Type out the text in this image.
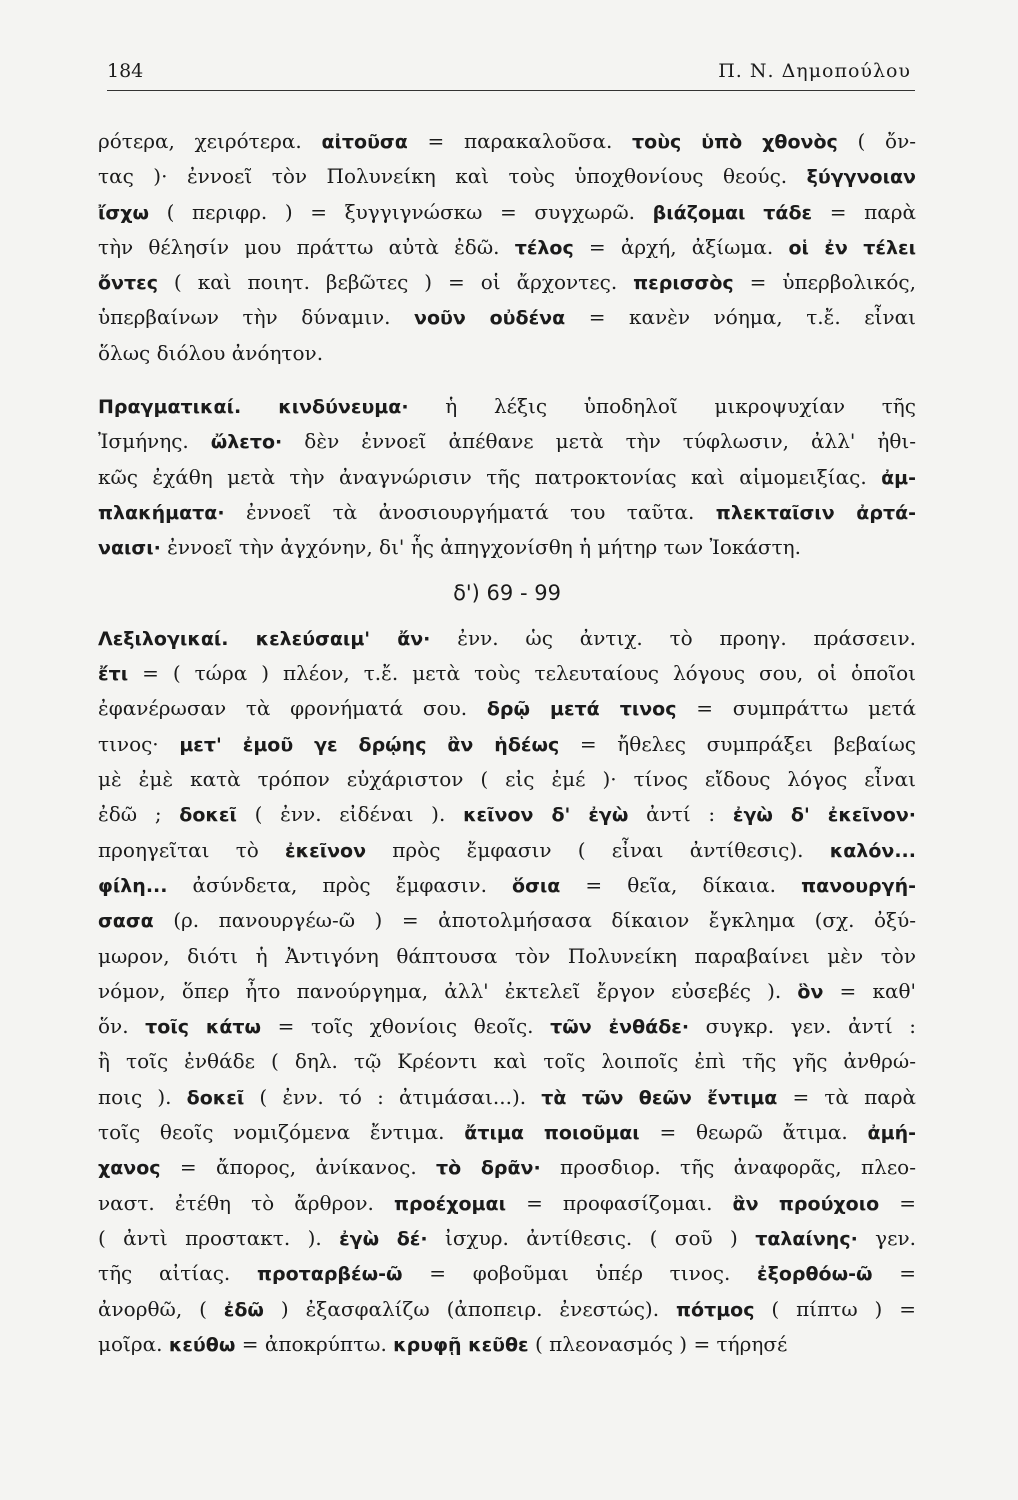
184	Π. Ν. Δημοπούλου
ρότερα, χειρότερα. αἰτοῦσα = παρακαλοῦσα. τοὺς ὑπὸ χθονὸς ( ὄν-
τας )· ἐννοεῖ τὸν Πολυνείκη καὶ τοὺς ὑποχθονίους θεούς. ξύγγνοιαν
ἴσχω ( περιφρ. ) = ξυγγιγνώσκω = συγχωρῶ. βιάζομαι τάδε = παρὰ
τὴν θέλησίν μου πράττω αὐτὰ ἐδῶ. τέλος = ἀρχή, ἀξίωμα. οἱ ἐν τέλει
ὄντες ( καὶ ποιητ. βεβῶτες ) = οἱ ἄρχοντες. περισσὸς = ὑπερβολικός,
ὑπερβαίνων τὴν δύναμιν. νοῦν οὐδένα = κανὲν νόημα, τ.ἔ. εἶναι
ὅλως διόλου ἀνόητον.
Πραγματικαί. κινδύνευμα· ἡ λέξις ὑποδηλοῖ μικροψυχίαν τῆς
Ἰσμήνης. ὤλετο· δὲν ἐννοεῖ ἀπέθανε μετὰ τὴν τύφλωσιν, ἀλλ' ἠθι-
κῶς ἐχάθη μετὰ τὴν ἀναγνώρισιν τῆς πατροκτονίας καὶ αἱμομειξίας. ἀμ-
πλακήματα· ἐννοεῖ τὰ ἀνοσιουργήματά του ταῦτα. πλεκταῖσιν ἀρτά-
ναισι· ἐννοεῖ τὴν ἀγχόνην, δι' ἧς ἀπηγχονίσθη ἡ μήτηρ των Ἰοκάστη.
δ') 69 - 99
Λεξιλογικαί. κελεύσαιμ' ἄν· ἐνν. ὡς ἀντιχ. τὸ προηγ. πράσσειν.
ἔτι = ( τώρα ) πλέον, τ.ἔ. μετὰ τοὺς τελευταίους λόγους σου, οἱ ὁποῖοι
ἐφανέρωσαν τὰ φρονήματά σου. δρῷ μετά τινος = συμπράττω μετά
τινος· μετ' ἐμοῦ γε δρῴης ἂν ἡδέως = ἤθελες συμπράξει βεβαίως
μὲ ἐμὲ κατὰ τρόπον εὐχάριστον ( εἰς ἐμέ )· τίνος εἴδους λόγος εἶναι
ἐδῶ ; δοκεῖ ( ἐνν. εἰδέναι ). κεῖνον δ' ἐγὼ ἀντί : ἐγὼ δ' ἐκεῖνον·
προηγεῖται τὸ ἐκεῖνον πρὸς ἔμφασιν ( εἶναι ἀντίθεσις). καλόν...
φίλη... ἀσύνδετα, πρὸς ἔμφασιν. ὅσια = θεῖα, δίκαια. πανουργή-
σασα (ρ. πανουργέω-ῶ ) = ἀποτολμήσασα δίκαιον ἔγκλημα (σχ. ὀξύ-
μωρον, διότι ἡ Ἀντιγόνη θάπτουσα τὸν Πολυνείκη παραβαίνει μὲν τὸν
νόμον, ὅπερ ἦτο πανούργημα, ἀλλ' ἐκτελεῖ ἔργον εὐσεβές ). ὃν = καθ'
ὅν. τοῖς κάτω = τοῖς χθονίοις θεοῖς. τῶν ἐνθάδε· συγκρ. γεν. ἀντί :
ἢ τοῖς ἐνθάδε ( δηλ. τῷ Κρέοντι καὶ τοῖς λοιποῖς ἐπὶ τῆς γῆς ἀνθρώ-
ποις ). δοκεῖ ( ἐνν. τό : ἀτιμάσαι...). τὰ τῶν θεῶν ἔντιμα = τὰ παρὰ
τοῖς θεοῖς νομιζόμενα ἔντιμα. ἄτιμα ποιοῦμαι = θεωρῶ ἄτιμα. ἀμή-
χανος = ἄπορος, ἀνίκανος. τὸ δρᾶν· προσδιορ. τῆς ἀναφορᾶς, πλεο-
ναστ. ἐτέθη τὸ ἄρθρον. προέχομαι = προφασίζομαι. ἂν προύχοιο =
( ἀντὶ προστακτ. ). ἐγὼ δέ· ἰσχυρ. ἀντίθεσις. ( σοῦ ) ταλαίνης· γεν.
τῆς αἰτίας. προταρβέω-ῶ = φοβοῦμαι ὑπέρ τινος. ἐξορθόω-ῶ =
ἀνορθῶ, ( ἐδῶ ) ἐξασφαλίζω (ἀποπειρ. ἐνεστώς). πότμος ( πίπτω ) =
μοῖρα. κεύθω = ἀποκρύπτω. κρυφῇ κεῦθε ( πλεονασμός ) = τήρησέ
